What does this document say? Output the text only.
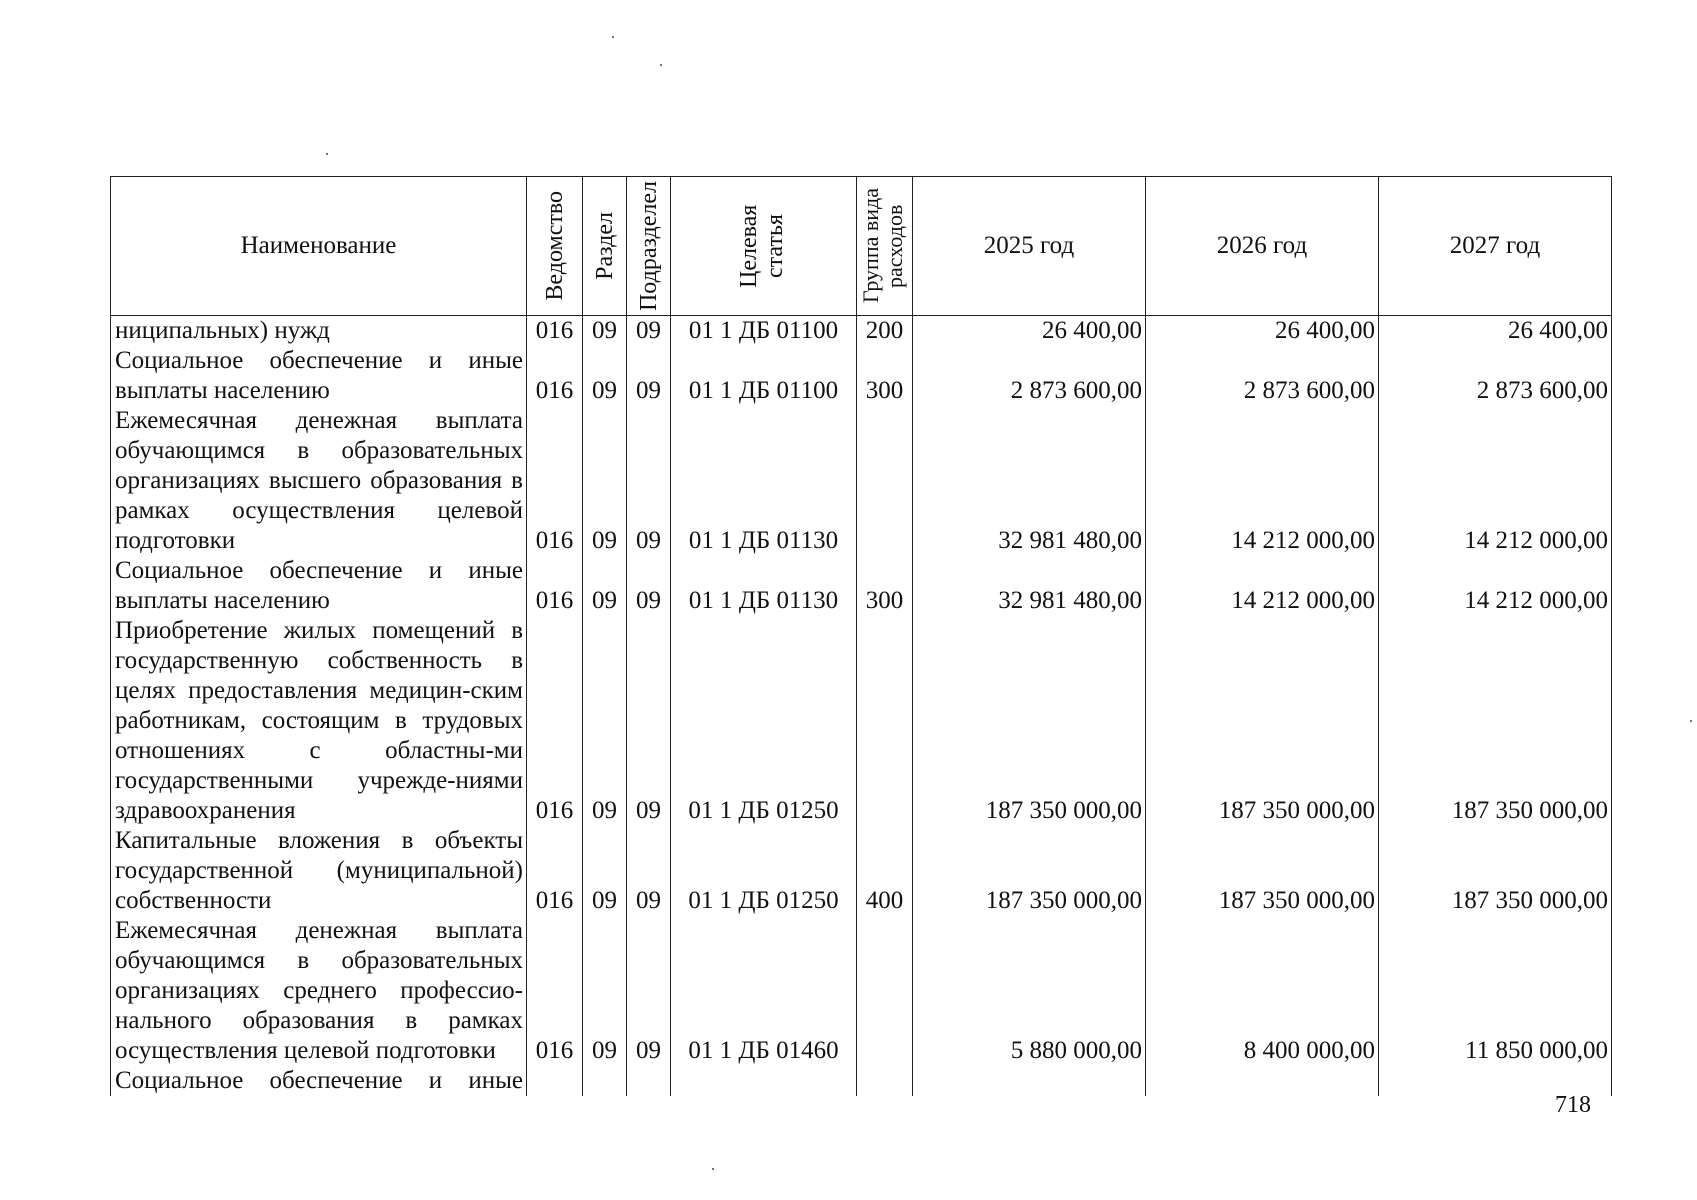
Наименование	Ведомство	Раздел	Подразделел	Целевая статья	Группа вида расходов	2025 год	2026 год	2027 год
ниципальных) нужд	016	09	09	01 1 ДБ 01100	200	26 400,00	26 400,00	26 400,00
Социальное обеспечение и иные выплаты населению	016	09	09	01 1 ДБ 01100	300	2 873 600,00	2 873 600,00	2 873 600,00
Ежемесячная денежная выплата обучающимся в образовательных организациях высшего образования в рамках осуществления целевой подготовки	016	09	09	01 1 ДБ 01130		32 981 480,00	14 212 000,00	14 212 000,00
Социальное обеспечение и иные выплаты населению	016	09	09	01 1 ДБ 01130	300	32 981 480,00	14 212 000,00	14 212 000,00
Приобретение жилых помещений в государственную собственность в целях предоставления медицин-ским работникам, состоящим в трудовых отношениях с областны-ми государственными учрежде-ниями здравоохранения	016	09	09	01 1 ДБ 01250		187 350 000,00	187 350 000,00	187 350 000,00
Капитальные вложения в объекты государственной (муниципальной) собственности	016	09	09	01 1 ДБ 01250	400	187 350 000,00	187 350 000,00	187 350 000,00
Ежемесячная денежная выплата обучающимся в образовательных организациях среднего профессио-нального образования в рамках осуществления целевой подготовки	016	09	09	01 1 ДБ 01460		5 880 000,00	8 400 000,00	11 850 000,00
Социальное обеспечение и иные								
718
